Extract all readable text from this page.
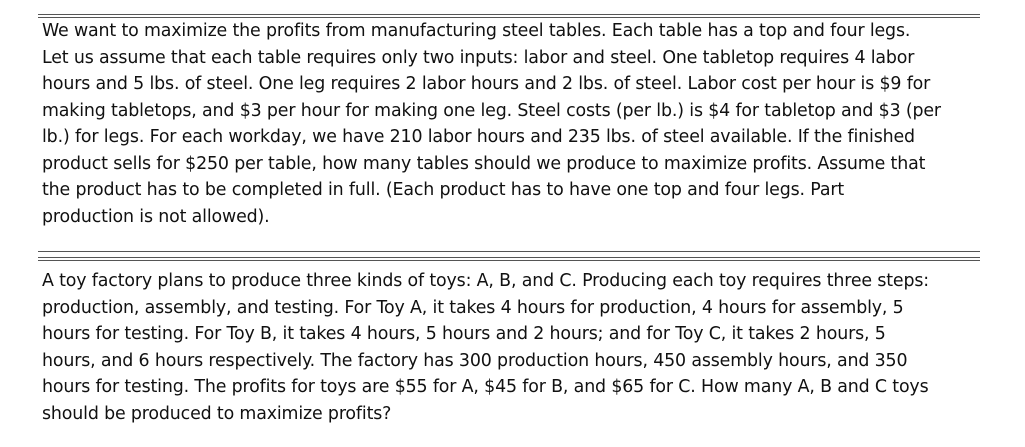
We want to maximize the profits from manufacturing steel tables. Each table has a top and four legs.
Let us assume that each table requires only two inputs: labor and steel. One tabletop requires 4 labor
hours and 5 lbs. of steel. One leg requires 2 labor hours and 2 lbs. of steel. Labor cost per hour is $9 for
making tabletops, and $3 per hour for making one leg. Steel costs (per lb.) is $4 for tabletop and $3 (per
lb.) for legs. For each workday, we have 210 labor hours and 235 lbs. of steel available. If the finished
product sells for $250 per table, how many tables should we produce to maximize profits. Assume that
the product has to be completed in full. (Each product has to have one top and four legs. Part
production is not allowed).

A toy factory plans to produce three kinds of toys: A, B, and C. Producing each toy requires three steps:
production, assembly, and testing. For Toy A, it takes 4 hours for production, 4 hours for assembly, 5
hours for testing. For Toy B, it takes 4 hours, 5 hours and 2 hours; and for Toy C, it takes 2 hours, 5
hours, and 6 hours respectively. The factory has 300 production hours, 450 assembly hours, and 350
hours for testing. The profits for toys are $55 for A, $45 for B, and $65 for C. How many A, B and C toys
should be produced to maximize profits?
